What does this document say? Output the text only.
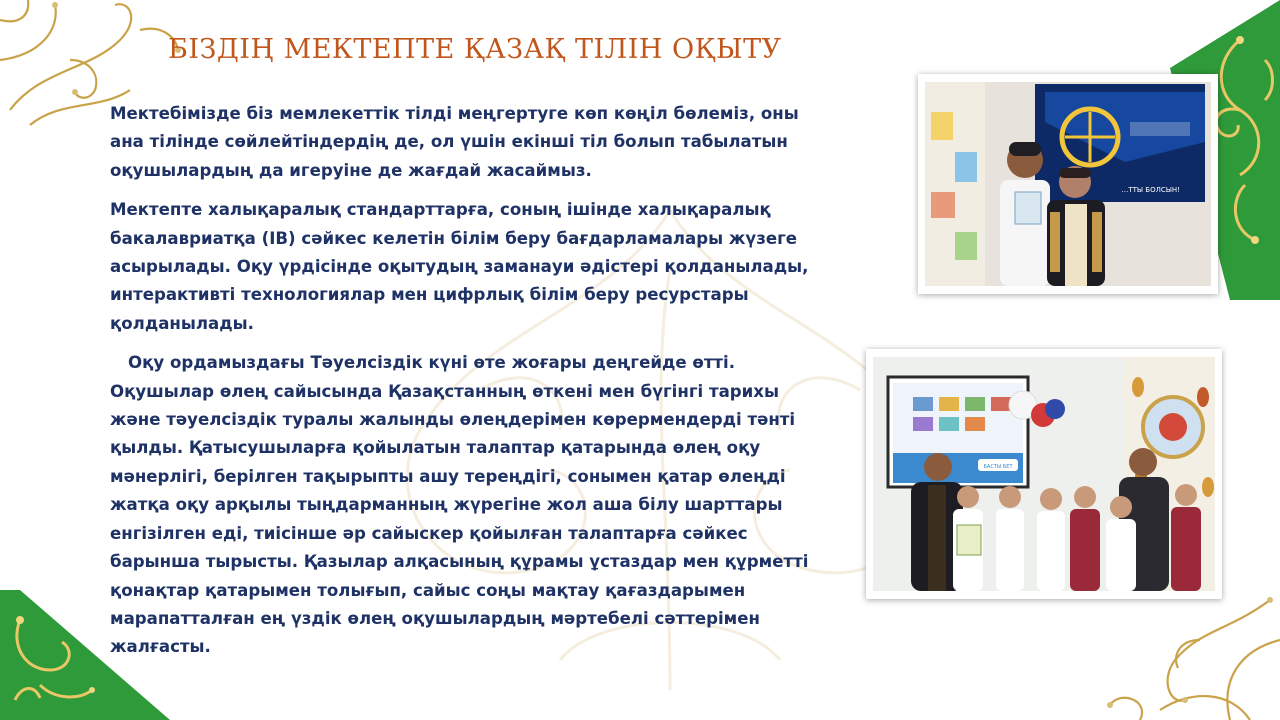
БІЗДІҢ МЕКТЕПТЕ ҚАЗАҚ ТІЛІН ОҚЫТУ

Мектебімізде біз мемлекеттік тілді меңгертуге көп көңіл бөлеміз, оны ана тілінде сөйлейтіндердің де, ол үшін екінші тіл болып табылатын оқушылардың да игеруіне де жағдай жасаймыз.

Мектепте халықаралық стандарттарға, соның ішінде халықаралық бакалавриатқа (IB) сәйкес келетін білім беру бағдарламалары жүзеге асырылады. Оқу үрдісінде оқытудың заманауи әдістері қолданылады, интерактивті технологиялар мен цифрлық білім беру ресурстары қолданылады.

Оқу ордамыздағы Тәуелсіздік күні өте жоғары деңгейде өтті. Оқушылар өлең сайысында Қазақстанның өткені мен бүгінгі тарихы және тәуелсіздік туралы жалынды өлеңдерімен көрермендерді тәнті қылды. Қатысушыларға қойылатын талаптар қатарында өлең оқу мәнерлігі, берілген тақырыпты ашу тереңдігі, сонымен қатар өлеңді жатқа оқу арқылы тыңдарманның жүрегіне жол аша білу шарттары енгізілген еді, тиісінше әр сайыскер қойылған талаптарға сәйкес барынша тырысты. Қазылар алқасының құрамы ұстаздар мен құрметті қонақтар қатарымен толығып, сайыс соңы мақтау қағаздарымен марапатталған ең үздік өлең оқушылардың мәртебелі сәттерімен жалғасты.

…ТТЫ БОЛСЫН!
БАСТЫ БЕТ
